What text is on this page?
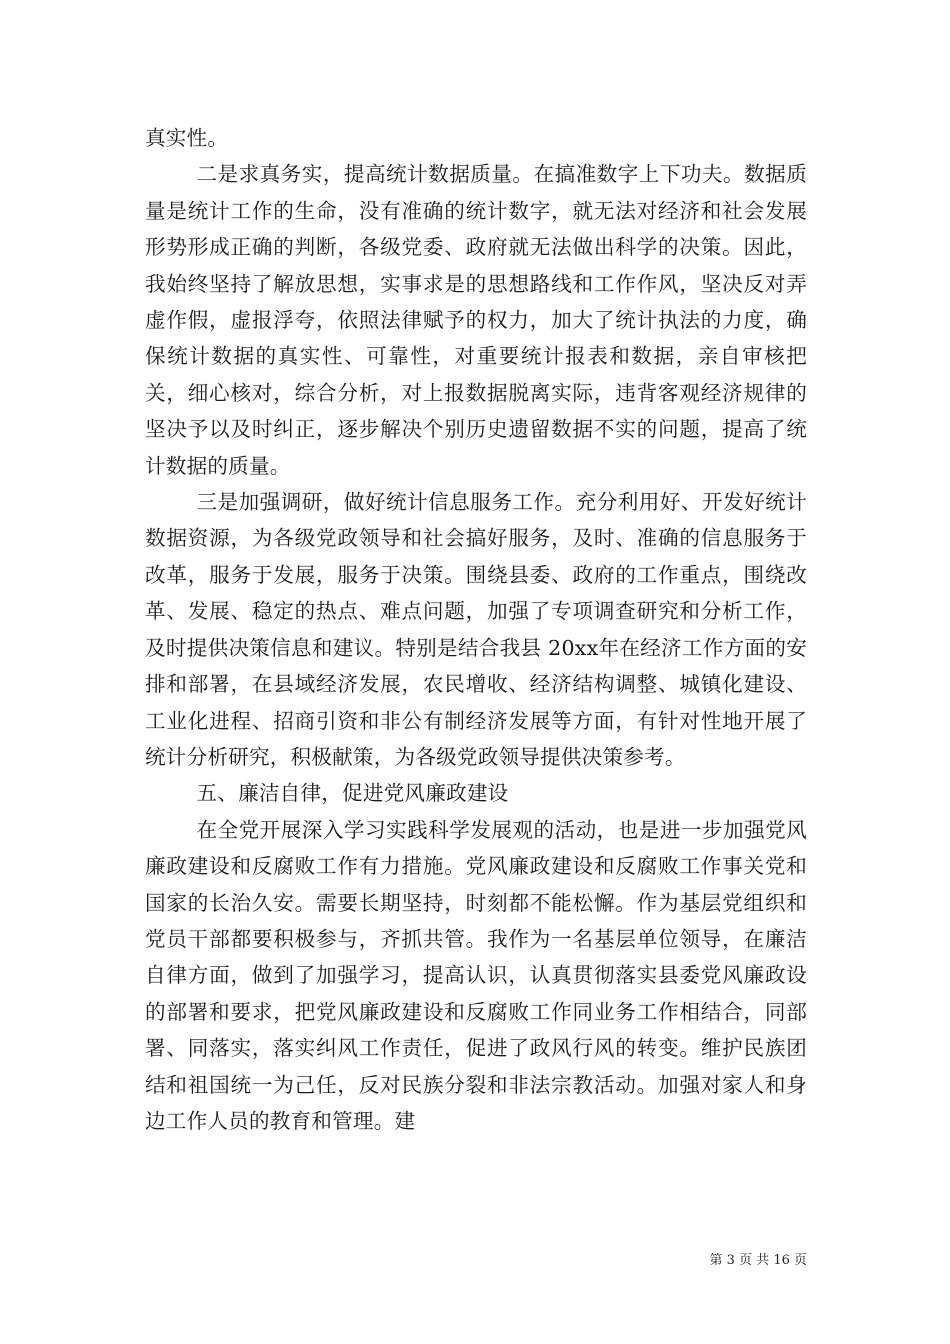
真实性。

二是求真务实，提高统计数据质量。在搞准数字上下功夫。数据质量是统计工作的生命，没有准确的统计数字，就无法对经济和社会发展形势形成正确的判断，各级党委、政府就无法做出科学的决策。因此，我始终坚持了解放思想，实事求是的思想路线和工作作风，坚决反对弄虚作假，虚报浮夸，依照法律赋予的权力，加大了统计执法的力度，确保统计数据的真实性、可靠性，对重要统计报表和数据，亲自审核把关，细心核对，综合分析，对上报数据脱离实际，违背客观经济规律的坚决予以及时纠正，逐步解决个别历史遗留数据不实的问题，提高了统计数据的质量。

三是加强调研，做好统计信息服务工作。充分利用好、开发好统计数据资源，为各级党政领导和社会搞好服务，及时、准确的信息服务于改革，服务于发展，服务于决策。围绕县委、政府的工作重点，围绕改革、发展、稳定的热点、难点问题，加强了专项调查研究和分析工作，及时提供决策信息和建议。特别是结合我县 20xx年在经济工作方面的安排和部署，在县域经济发展，农民增收、经济结构调整、城镇化建设、工业化进程、招商引资和非公有制经济发展等方面，有针对性地开展了统计分析研究，积极献策，为各级党政领导提供决策参考。

五、廉洁自律，促进党风廉政建设

在全党开展深入学习实践科学发展观的活动，也是进一步加强党风廉政建设和反腐败工作有力措施。党风廉政建设和反腐败工作事关党和国家的长治久安。需要长期坚持，时刻都不能松懈。作为基层党组织和党员干部都要积极参与，齐抓共管。我作为一名基层单位领导，在廉洁自律方面，做到了加强学习，提高认识，认真贯彻落实县委党风廉政设的部署和要求，把党风廉政建设和反腐败工作同业务工作相结合，同部署、同落实，落实纠风工作责任，促进了政风行风的转变。维护民族团结和祖国统一为己任，反对民族分裂和非法宗教活动。加强对家人和身边工作人员的教育和管理。建

第 3 页 共 16 页
